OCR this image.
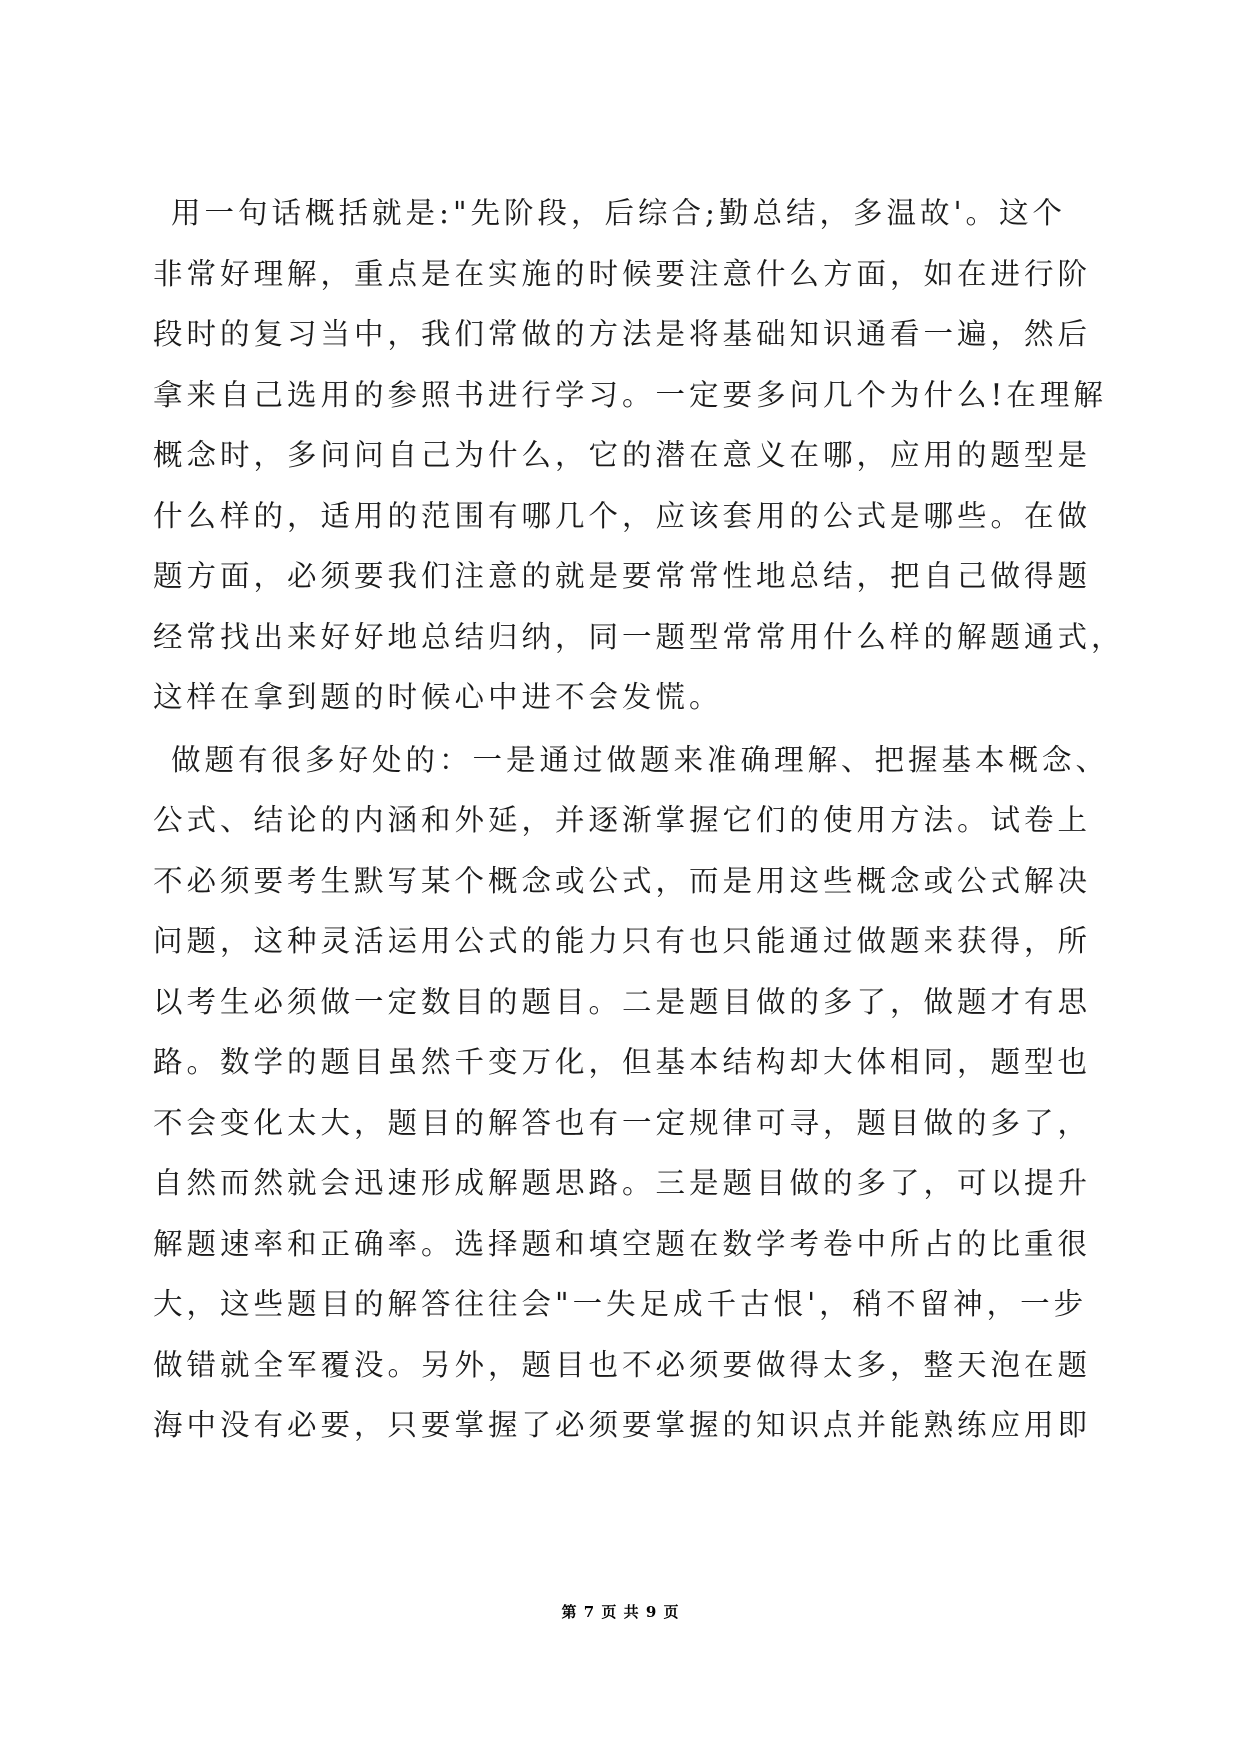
用一句话概括就是:"先阶段，后综合;勤总结，多温故'。这个
非常好理解，重点是在实施的时候要注意什么方面，如在进行阶
段时的复习当中，我们常做的方法是将基础知识通看一遍，然后
拿来自己选用的参照书进行学习。一定要多问几个为什么!在理解
概念时，多问问自己为什么，它的潜在意义在哪，应用的题型是
什么样的，适用的范围有哪几个，应该套用的公式是哪些。在做
题方面，必须要我们注意的就是要常常性地总结，把自己做得题
经常找出来好好地总结归纳，同一题型常常用什么样的解题通式，
这样在拿到题的时候心中进不会发慌。
做题有很多好处的：一是通过做题来准确理解、把握基本概念、
公式、结论的内涵和外延，并逐渐掌握它们的使用方法。试卷上
不必须要考生默写某个概念或公式，而是用这些概念或公式解决
问题，这种灵活运用公式的能力只有也只能通过做题来获得，所
以考生必须做一定数目的题目。二是题目做的多了，做题才有思
路。数学的题目虽然千变万化，但基本结构却大体相同，题型也
不会变化太大，题目的解答也有一定规律可寻，题目做的多了，
自然而然就会迅速形成解题思路。三是题目做的多了，可以提升
解题速率和正确率。选择题和填空题在数学考卷中所占的比重很
大，这些题目的解答往往会"一失足成千古恨'，稍不留神，一步
做错就全军覆没。另外，题目也不必须要做得太多，整天泡在题
海中没有必要，只要掌握了必须要掌握的知识点并能熟练应用即
第 7 页 共 9 页
